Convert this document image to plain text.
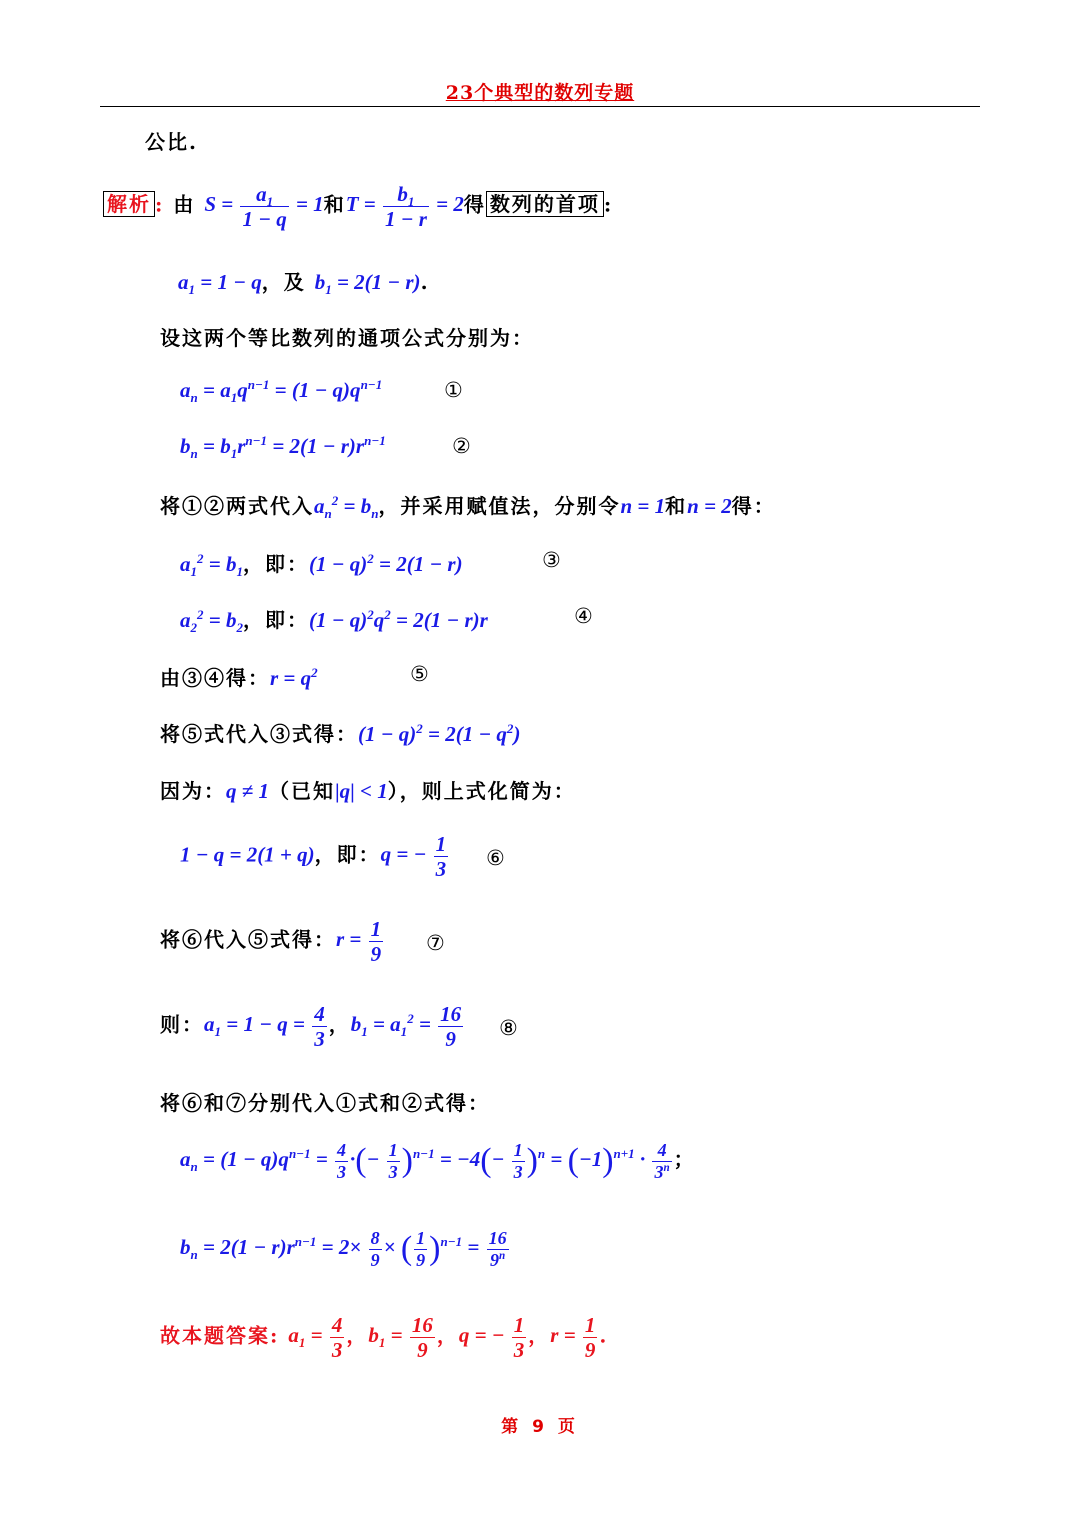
23个典型的数列专题
公比.
解析 : 由 $S = \frac{a_1}{1 - q} = 1$和$T = \frac{b_1}{1 - r} = 2$得 数列的首项 :
$a_1 = 1 - q$，及 $b_1 = 2(1 - r)$.
设这两个等比数列的通项公式分别为：
$a_n = a_1q^{n-1} = (1 - q)q^{n-1}$	①
$b_n = b_1r^{n-1} = 2(1 - r)r^{n-1}$	②
将①②两式代入$a_n^2 = b_n$，并采用赋值法，分别令n = 1和n = 2得：
$a_1^2 = b_1$，即：$(1 - q)^2 = 2(1 - r)$	③
$a_2^2 = b_2$，即：$(1 - q)^2q^2 = 2(1 - r)r$	④
由③④得：$r = q^2$	⑤
将⑤式代入③式得：$(1 - q)^2 = 2(1 - q^2)$
因为：q ≠ 1（已知|q| < 1），则上式化简为：
1 − q = 2(1 + q)，即：q = − $\frac{1}{3}$ ⑥
将⑥代入⑤式得：$r = \frac{1}{9}$ ⑦
则：$a_1 = 1 - q = \frac{4}{3}$ ，$b_1 = a_1^2 = \frac{16}{9}$ ⑧
将⑥和⑦分别代入①式和②式得：
$a_n = (1 - q)q^{n-1} = \frac{4}{3}$ ·(− $\frac{1}{3} )^{n-1} = -4(- \frac{1}{3} )^n = (-1)^{n+1} \cdot \frac{4}{3^n}$ ；
$b_n = 2(1 - r)r^{n-1} = 2\times \frac{8}{9}$ × ( $\frac{1}{9} )^{n-1} = \frac{16}{9^n}$
故本题答案: $a_1 = \frac{4}{3}$ ，$b_1 = \frac{16}{9}$ ，q = − $\frac{1}{3}$ ，$r = \frac{1}{9}$ .
第 9 页
